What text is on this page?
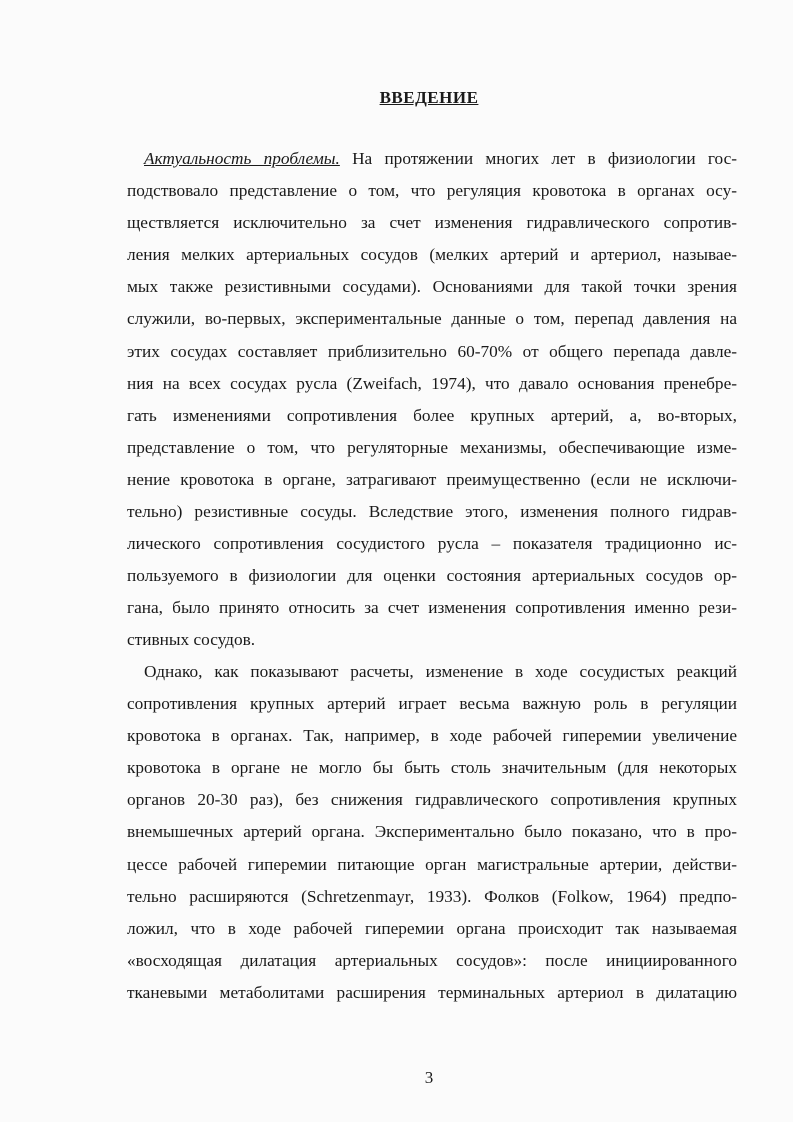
ВВЕДЕНИЕ
Актуальность проблемы. На протяжении многих лет в физиологии гос-
подствовало представление о том, что регуляция кровотока в органах осу-
ществляется исключительно за счет изменения гидравлического сопротив-
ления мелких артериальных сосудов (мелких артерий и артериол, называе-
мых также резистивными сосудами). Основаниями для такой точки зрения
служили, во-первых, экспериментальные данные о том, перепад давления на
этих сосудах составляет приблизительно 60-70% от общего перепада давле-
ния на всех сосудах русла (Zweifach, 1974), что давало основания пренебре-
гать изменениями сопротивления более крупных артерий, а, во-вторых,
представление о том, что регуляторные механизмы, обеспечивающие изме-
нение кровотока в органе, затрагивают преимущественно (если не исключи-
тельно) резистивные сосуды. Вследствие этого, изменения полного гидрав-
лического сопротивления сосудистого русла – показателя традиционно ис-
пользуемого в физиологии для оценки состояния артериальных сосудов ор-
гана, было принято относить за счет изменения сопротивления именно рези-
стивных сосудов.
Однако, как показывают расчеты, изменение в ходе сосудистых реакций
сопротивления крупных артерий играет весьма важную роль в регуляции
кровотока в органах. Так, например, в ходе рабочей гиперемии увеличение
кровотока в органе не могло бы быть столь значительным (для некоторых
органов 20-30 раз), без снижения гидравлического сопротивления крупных
внемышечных артерий органа. Экспериментально было показано, что в про-
цессе рабочей гиперемии питающие орган магистральные артерии, действи-
тельно расширяются (Schretzenmayr, 1933). Фолков (Folkow, 1964) предпо-
ложил, что в ходе рабочей гиперемии органа происходит так называемая
«восходящая дилатация артериальных сосудов»: после инициированного
тканевыми метаболитами расширения терминальных артериол в дилатацию
3
